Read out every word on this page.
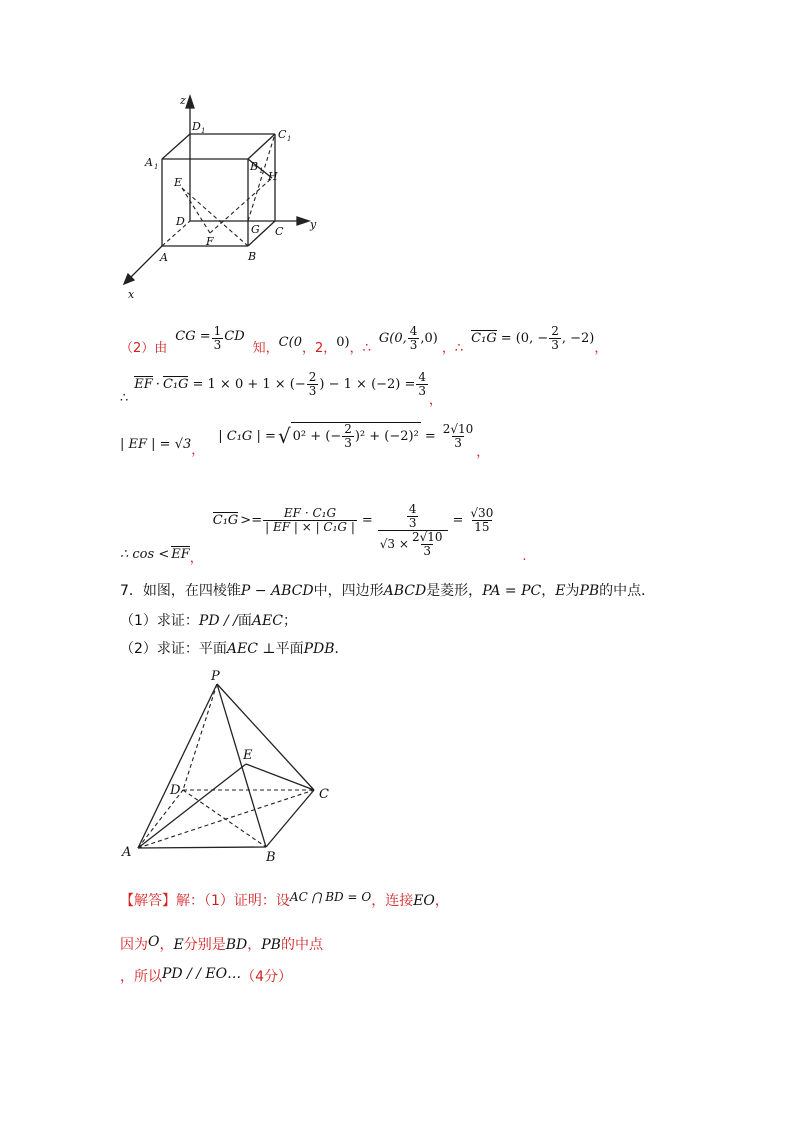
z
y
x
D 1	C 1
A 1	B 1
E	H
D
G C
F
A	B
（2）由
CG = $\frac{1}{3}$ CD
知， C(0 ，2， 0) ，∴
G(0, $\frac{4}{3} ,0$)
，∴
C₁G = (0, − $\frac{2}{3}$ , −2)
，
∴
EF · C₁G = 1 × 0 + 1 × (− $\frac{2}{3}$ ) − $1 \times (-2) = \frac{4}{3}$
，
| EF | = √3 ，
| C₁G | = √ 0² + (− $\frac{2}{3} )^2 + (-2)^2 = \frac{2√10}{3}$
，
∴ cos < EF ，
$C_1G >= \frac{\text{EF · C₁G}}{\text{| EF | × | C₁G |}} = \frac{\frac{4}{3}}{√3 \times \frac{2√10}{3}} = \frac{√30}{15}$
.
7．如图，在四棱锥P − ABCD中，四边形ABCD是菱形，PA = PC，E为PB的中点．
（1）求证：PD / /面AEC；
（2）求证：平面AEC ⊥平面PDB．
P
E
D	C
A	B
【解答】解：（1）证明：设AC ⋂ BD = O，连接EO，
因为O，E分别是BD，PB的中点
，所以PD / / EO…（4分）
